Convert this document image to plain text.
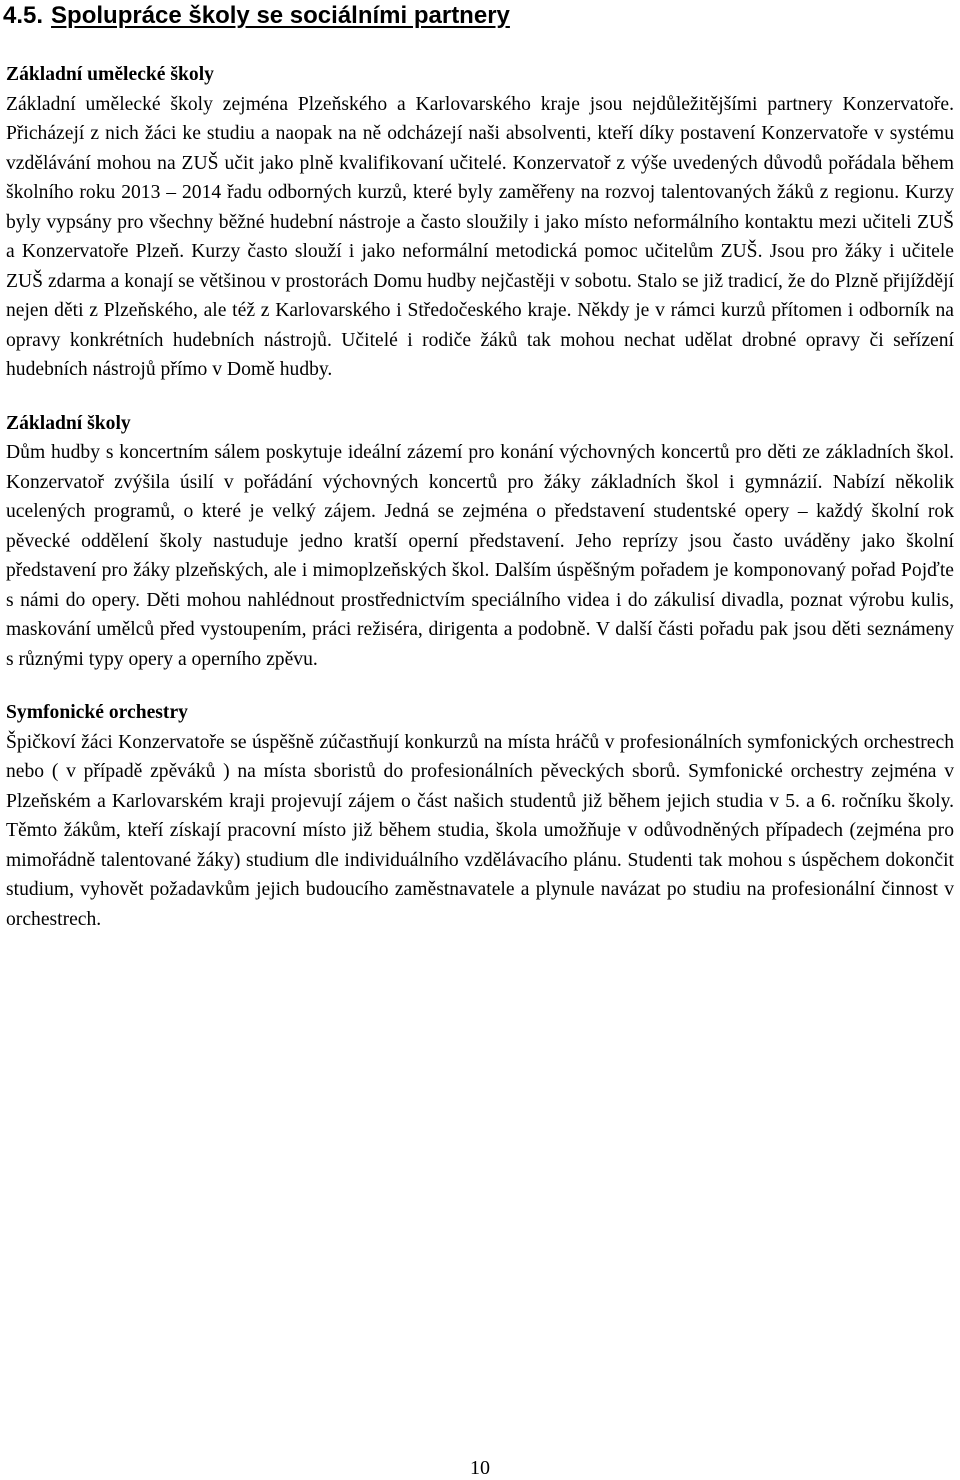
4.5. Spolupráce školy se sociálními partnery
Základní umělecké školy

Základní umělecké školy zejména Plzeňského a Karlovarského kraje jsou nejdůležitějšími partnery Konzervatoře. Přicházejí z nich žáci ke studiu a naopak na ně odcházejí naši absolventi, kteří díky postavení Konzervatoře v systému vzdělávání mohou na ZUŠ učit jako plně kvalifikovaní učitelé. Konzervatoř z výše uvedených důvodů pořádala během školního roku 2013 – 2014 řadu odborných kurzů, které byly zaměřeny na rozvoj talentovaných žáků z regionu. Kurzy byly vypsány pro všechny běžné hudební nástroje a často sloužily i jako místo neformálního kontaktu mezi učiteli ZUŠ a Konzervatoře Plzeň. Kurzy často slouží i jako neformální metodická pomoc učitelům ZUŠ. Jsou pro žáky i učitele ZUŠ zdarma a konají se většinou v prostorách Domu hudby nejčastěji v sobotu. Stalo se již tradicí, že do Plzně přijíždějí nejen děti z Plzeňského, ale též z Karlovarského i Středočeského kraje. Někdy je v rámci kurzů přítomen i odborník na opravy konkrétních hudebních nástrojů. Učitelé i rodiče žáků tak mohou nechat udělat drobné opravy či seřízení hudebních nástrojů přímo v Domě hudby.

Základní školy

Dům hudby s koncertním sálem poskytuje ideální zázemí pro konání výchovných koncertů pro děti ze základních škol. Konzervatoř zvýšila úsilí v pořádání výchovných koncertů pro žáky základních škol i gymnázií. Nabízí několik ucelených programů, o které je velký zájem. Jedná se zejména o představení studentské opery – každý školní rok pěvecké oddělení školy nastuduje jedno kratší operní představení. Jeho reprízy jsou často uváděny jako školní představení pro žáky plzeňských, ale i mimoplzeňských škol. Dalším úspěšným pořadem je komponovaný pořad Pojďte s námi do opery. Děti mohou nahlédnout prostřednictvím speciálního videa i do zákulisí divadla, poznat výrobu kulis, maskování umělců před vystoupením, práci režiséra, dirigenta a podobně. V další části pořadu pak jsou děti seznámeny s různými typy opery a operního zpěvu.

Symfonické orchestry

Špičkoví žáci Konzervatoře se úspěšně zúčastňují konkurzů na místa hráčů v profesionálních symfonických orchestrech nebo ( v případě zpěváků ) na místa sboristů do profesionálních pěveckých sborů. Symfonické orchestry zejména v Plzeňském a Karlovarském kraji projevují zájem o část našich studentů již během jejich studia v 5. a 6. ročníku školy. Těmto žákům, kteří získají pracovní místo již během studia, škola umožňuje v odůvodněných případech (zejména pro mimořádně talentované žáky) studium dle individuálního vzdělávacího plánu. Studenti tak mohou s úspěchem dokončit studium, vyhovět požadavkům jejich budoucího zaměstnavatele a plynule navázat po studiu na profesionální činnost v orchestrech.

10
